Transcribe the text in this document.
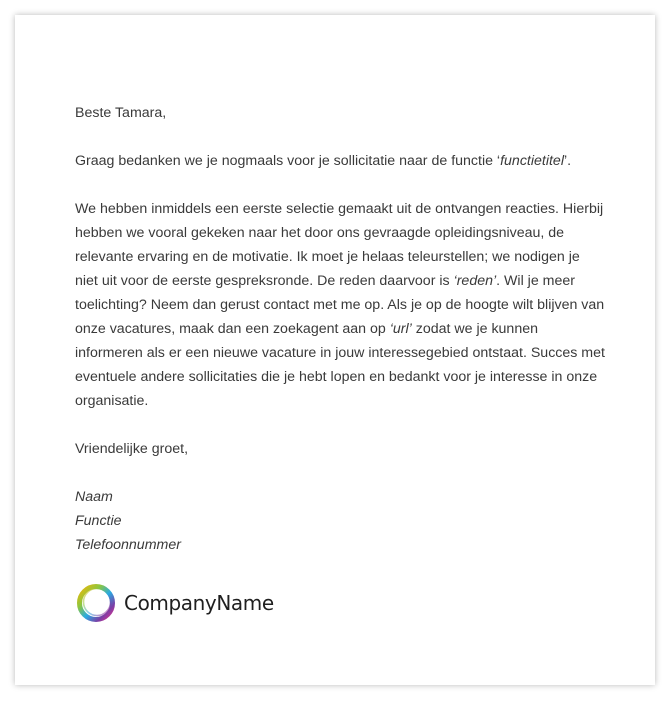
Beste Tamara,

Graag bedanken we je nogmaals voor je sollicitatie naar de functie ‘functietitel’.

We hebben inmiddels een eerste selectie gemaakt uit de ontvangen reacties. Hierbij hebben we vooral gekeken naar het door ons gevraagde opleidingsniveau, de relevante ervaring en de motivatie. Ik moet je helaas teleurstellen; we nodigen je niet uit voor de eerste gespreksronde. De reden daarvoor is ‘reden’. Wil je meer toelichting? Neem dan gerust contact met me op. Als je op de hoogte wilt blijven van onze vacatures, maak dan een zoekagent aan op ‘url’ zodat we je kunnen informeren als er een nieuwe vacature in jouw interessegebied ontstaat. Succes met eventuele andere sollicitaties die je hebt lopen en bedankt voor je interesse in onze organisatie.

Vriendelijke groet,

Naam
Functie
Telefoonnummer

CompanyName
